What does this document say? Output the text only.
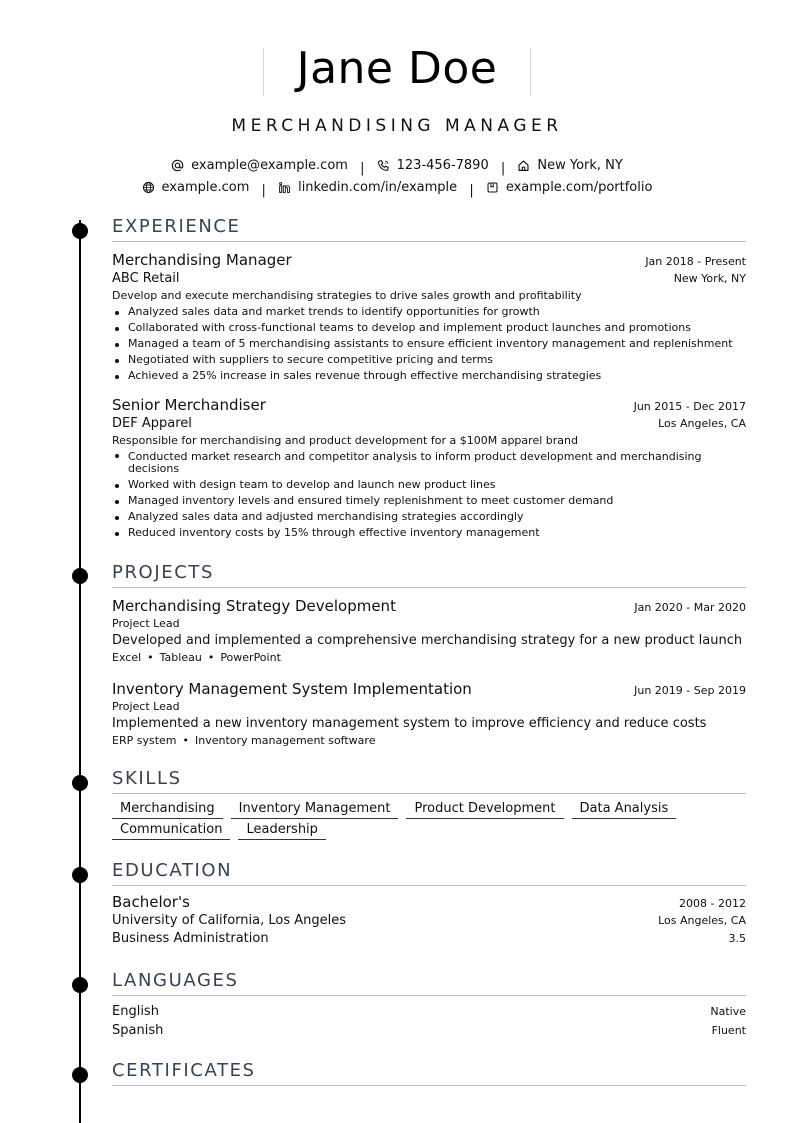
Jane Doe
MERCHANDISING MANAGER
example@example.com | 123-456-7890 | New York, NY
example.com | linkedin.com/in/example | example.com/portfolio
EXPERIENCE
Merchandising Manager	Jan 2018 - Present
ABC Retail	New York, NY
Develop and execute merchandising strategies to drive sales growth and profitability
Analyzed sales data and market trends to identify opportunities for growth
Collaborated with cross-functional teams to develop and implement product launches and promotions
Managed a team of 5 merchandising assistants to ensure efficient inventory management and replenishment
Negotiated with suppliers to secure competitive pricing and terms
Achieved a 25% increase in sales revenue through effective merchandising strategies
Senior Merchandiser	Jun 2015 - Dec 2017
DEF Apparel	Los Angeles, CA
Responsible for merchandising and product development for a $100M apparel brand
Conducted market research and competitor analysis to inform product development and merchandising decisions
Worked with design team to develop and launch new product lines
Managed inventory levels and ensured timely replenishment to meet customer demand
Analyzed sales data and adjusted merchandising strategies accordingly
Reduced inventory costs by 15% through effective inventory management
PROJECTS
Merchandising Strategy Development	Jan 2020 - Mar 2020
Project Lead
Developed and implemented a comprehensive merchandising strategy for a new product launch
Excel • Tableau • PowerPoint
Inventory Management System Implementation	Jun 2019 - Sep 2019
Project Lead
Implemented a new inventory management system to improve efficiency and reduce costs
ERP system • Inventory management software
SKILLS
Merchandising	Inventory Management	Product Development	Data Analysis
Communication	Leadership
EDUCATION
Bachelor's	2008 - 2012
University of California, Los Angeles	Los Angeles, CA
Business Administration	3.5
LANGUAGES
English	Native
Spanish	Fluent
CERTIFICATES
